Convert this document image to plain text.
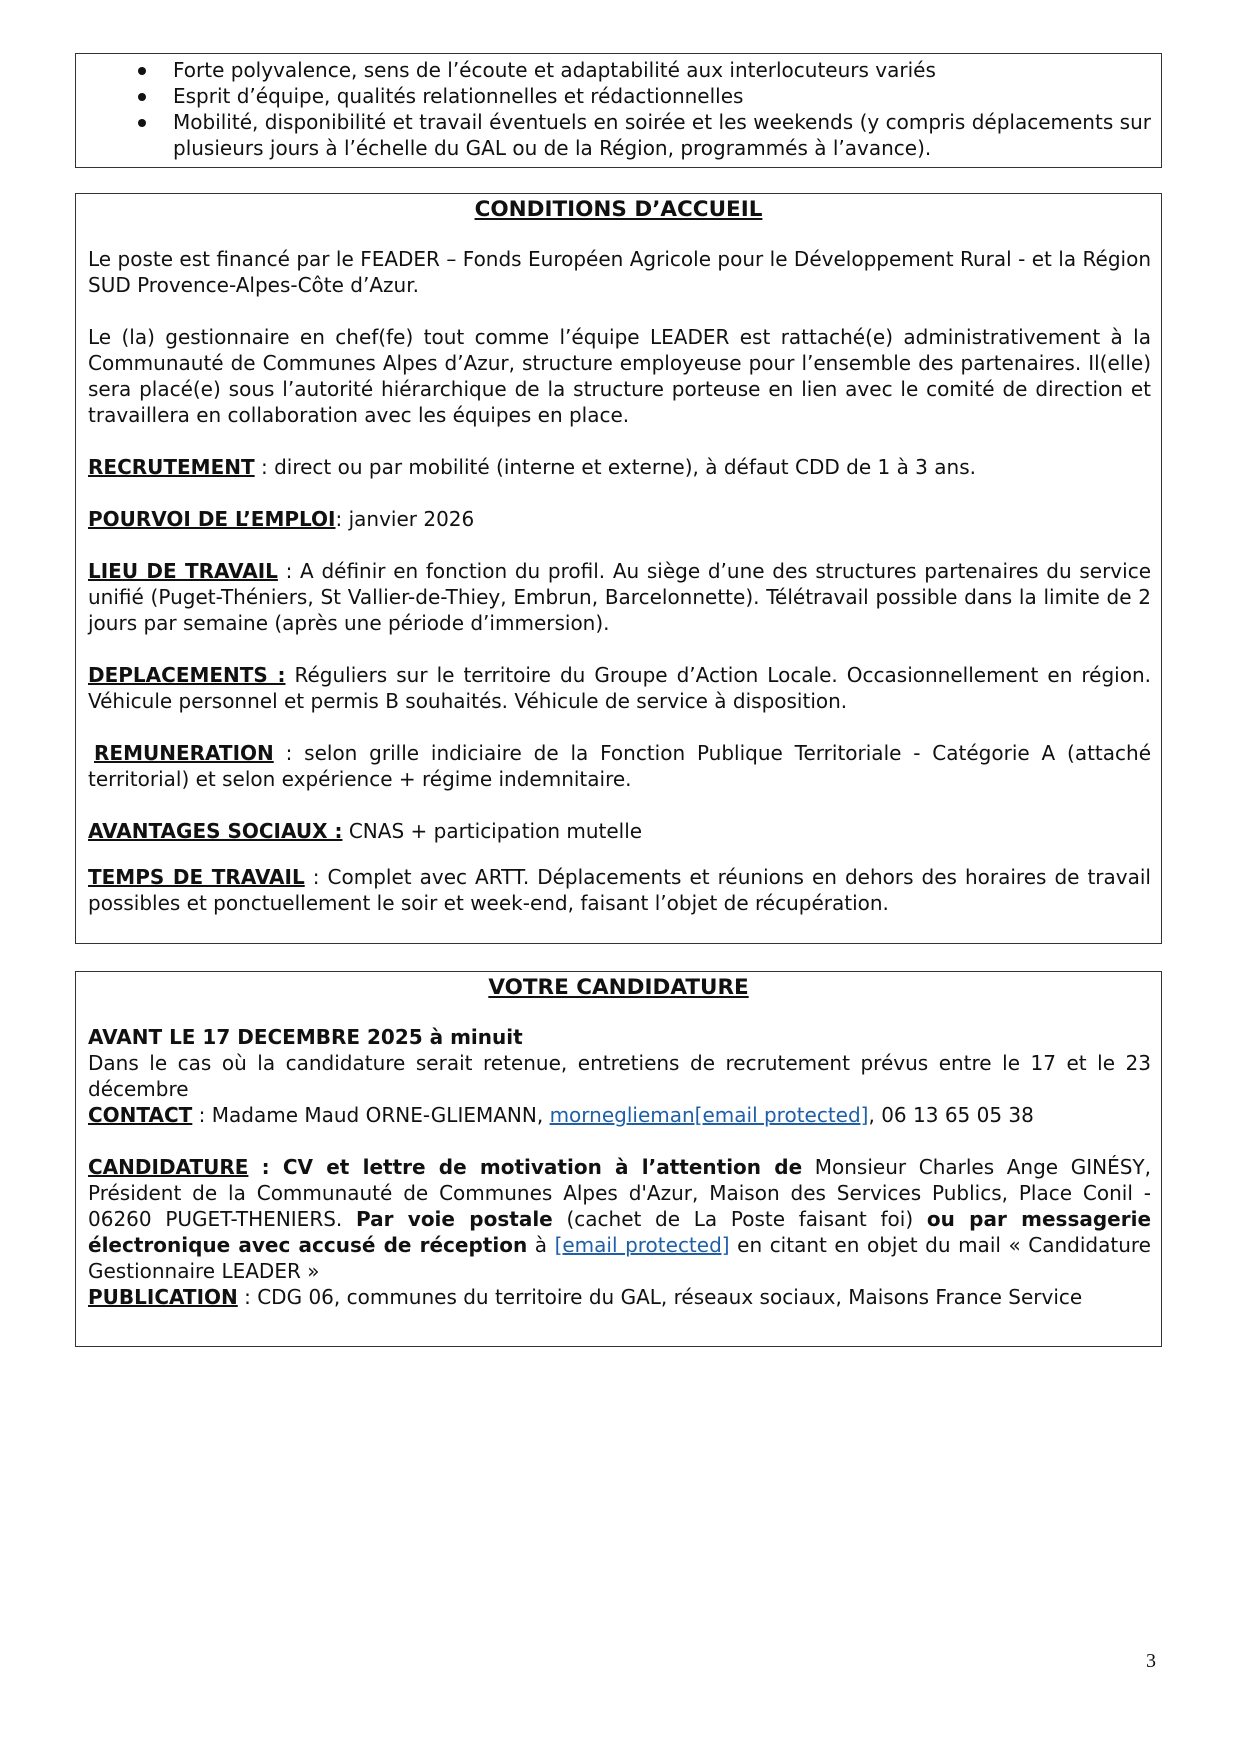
Forte polyvalence, sens de l’écoute et adaptabilité aux interlocuteurs variés
Esprit d’équipe, qualités relationnelles et rédactionnelles
Mobilité, disponibilité et travail éventuels en soirée et les weekends (y compris déplacements sur plusieurs jours à l’échelle du GAL ou de la Région, programmés à l’avance).
CONDITIONS D’ACCUEIL
Le poste est financé par le FEADER – Fonds Européen Agricole pour le Développement Rural - et la Région SUD Provence-Alpes-Côte d’Azur.
Le (la) gestionnaire en chef(fe) tout comme l’équipe LEADER est rattaché(e) administrativement à la Communauté de Communes Alpes d’Azur, structure employeuse pour l’ensemble des partenaires. Il(elle) sera placé(e) sous l’autorité hiérarchique de la structure porteuse en lien avec le comité de direction et travaillera en collaboration avec les équipes en place.
RECRUTEMENT : direct ou par mobilité (interne et externe), à défaut CDD de 1 à 3 ans.
POURVOI DE L’EMPLOI: janvier 2026
LIEU DE TRAVAIL : A définir en fonction du profil. Au siège d’une des structures partenaires du service unifié (Puget-Théniers, St Vallier-de-Thiey, Embrun, Barcelonnette). Télétravail possible dans la limite de 2 jours par semaine (après une période d’immersion).
DEPLACEMENTS : Réguliers sur le territoire du Groupe d’Action Locale. Occasionnellement en région. Véhicule personnel et permis B souhaités. Véhicule de service à disposition.
REMUNERATION : selon grille indiciaire de la Fonction Publique Territoriale - Catégorie A (attaché territorial) et selon expérience + régime indemnitaire.
AVANTAGES SOCIAUX : CNAS + participation mutelle
TEMPS DE TRAVAIL : Complet avec ARTT. Déplacements et réunions en dehors des horaires de travail possibles et ponctuellement le soir et week-end, faisant l’objet de récupération.
VOTRE CANDIDATURE
AVANT LE 17 DECEMBRE 2025 à minuit
Dans le cas où la candidature serait retenue, entretiens de recrutement prévus entre le 17 et le 23 décembre
CONTACT : Madame Maud ORNE-GLIEMANN, morneglieman[email protected], 06 13 65 05 38
CANDIDATURE : CV et lettre de motivation à l’attention de Monsieur Charles Ange GINÉSY, Président de la Communauté de Communes Alpes d'Azur, Maison des Services Publics, Place Conil - 06260 PUGET-THENIERS. Par voie postale (cachet de La Poste faisant foi) ou par messagerie électronique avec accusé de réception à [email protected] en citant en objet du mail « Candidature Gestionnaire LEADER »
PUBLICATION : CDG 06, communes du territoire du GAL, réseaux sociaux, Maisons France Service
3
